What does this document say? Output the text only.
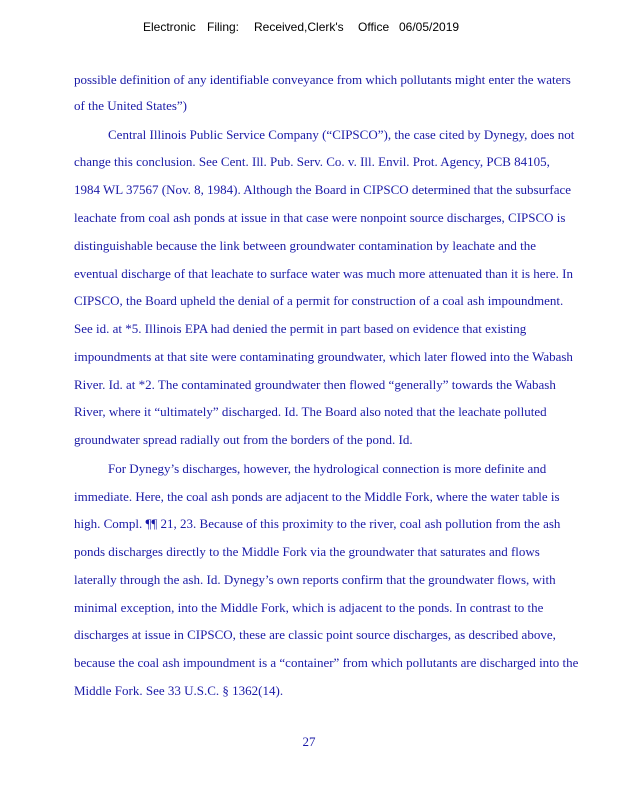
Electronic Filing: Received,Clerk's Office 06/05/2019
possible definition of any identifiable conveyance from which pollutants might enter the waters
of the United States”)
Central Illinois Public Service Company (“CIPSCO”), the case cited by Dynegy, does not
change this conclusion. See Cent. Ill. Pub. Serv. Co. v. Ill. Envil. Prot. Agency, PCB 84105,
1984 WL 37567 (Nov. 8, 1984). Although the Board in CIPSCO determined that the subsurface
leachate from coal ash ponds at issue in that case were nonpoint source discharges, CIPSCO is
distinguishable because the link between groundwater contamination by leachate and the
eventual discharge of that leachate to surface water was much more attenuated than it is here. In
CIPSCO, the Board upheld the denial of a permit for construction of a coal ash impoundment.
See id. at *5. Illinois EPA had denied the permit in part based on evidence that existing
impoundments at that site were contaminating groundwater, which later flowed into the Wabash
River. Id. at *2. The contaminated groundwater then flowed “generally” towards the Wabash
River, where it “ultimately” discharged. Id. The Board also noted that the leachate polluted
groundwater spread radially out from the borders of the pond. Id.
For Dynegy’s discharges, however, the hydrological connection is more definite and
immediate. Here, the coal ash ponds are adjacent to the Middle Fork, where the water table is
high. Compl. ¶¶ 21, 23. Because of this proximity to the river, coal ash pollution from the ash
ponds discharges directly to the Middle Fork via the groundwater that saturates and flows
laterally through the ash. Id. Dynegy’s own reports confirm that the groundwater flows, with
minimal exception, into the Middle Fork, which is adjacent to the ponds. In contrast to the
discharges at issue in CIPSCO, these are classic point source discharges, as described above,
because the coal ash impoundment is a “container” from which pollutants are discharged into the
Middle Fork. See 33 U.S.C. § 1362(14).
27
